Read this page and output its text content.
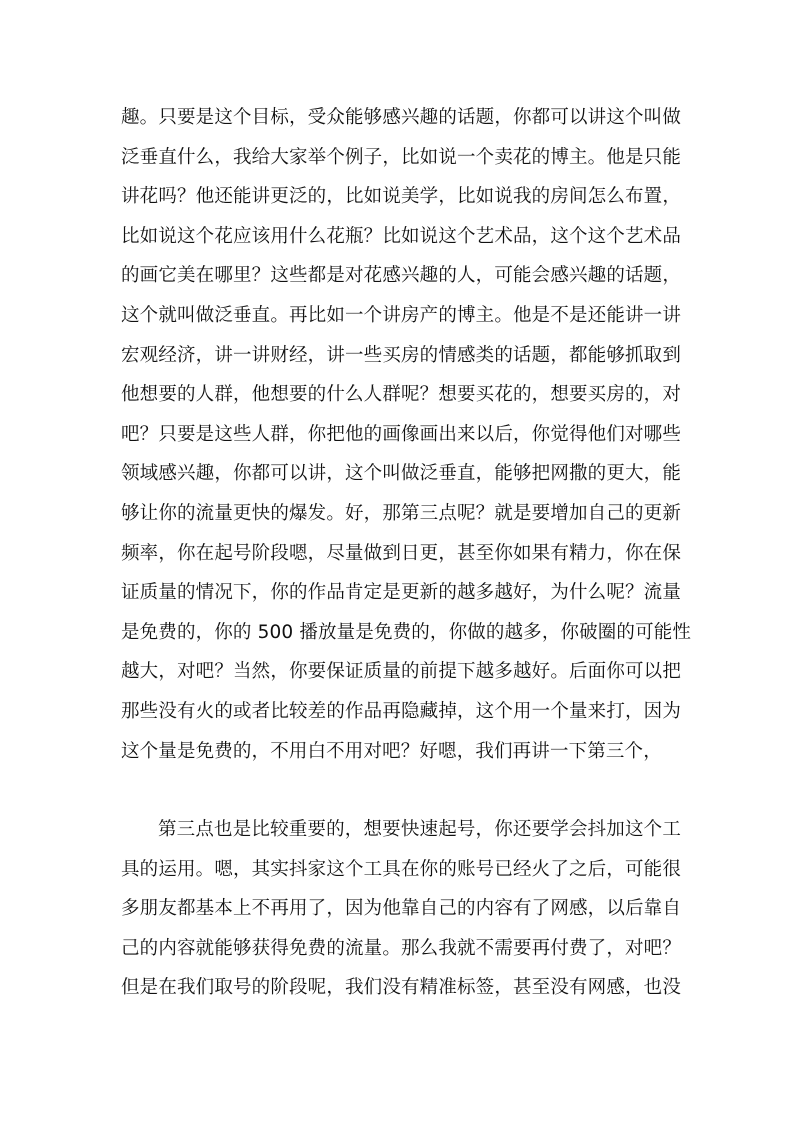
趣。只要是这个目标，受众能够感兴趣的话题，你都可以讲这个叫做
泛垂直什么，我给大家举个例子，比如说一个卖花的博主。他是只能
讲花吗？他还能讲更泛的，比如说美学，比如说我的房间怎么布置，
比如说这个花应该用什么花瓶？比如说这个艺术品，这个这个艺术品
的画它美在哪里？这些都是对花感兴趣的人，可能会感兴趣的话题，
这个就叫做泛垂直。再比如一个讲房产的博主。他是不是还能讲一讲
宏观经济，讲一讲财经，讲一些买房的情感类的话题，都能够抓取到
他想要的人群，他想要的什么人群呢？想要买花的，想要买房的，对
吧？只要是这些人群，你把他的画像画出来以后，你觉得他们对哪些
领域感兴趣，你都可以讲，这个叫做泛垂直，能够把网撒的更大，能
够让你的流量更快的爆发。好，那第三点呢？就是要增加自己的更新
频率，你在起号阶段嗯，尽量做到日更，甚至你如果有精力，你在保
证质量的情况下，你的作品肯定是更新的越多越好，为什么呢？流量
是免费的，你的 500 播放量是免费的，你做的越多，你破圈的可能性
越大，对吧？当然，你要保证质量的前提下越多越好。后面你可以把
那些没有火的或者比较差的作品再隐藏掉，这个用一个量来打，因为
这个量是免费的，不用白不用对吧？好嗯，我们再讲一下第三个，
第三点也是比较重要的，想要快速起号，你还要学会抖加这个工
具的运用。嗯，其实抖家这个工具在你的账号已经火了之后，可能很
多朋友都基本上不再用了，因为他靠自己的内容有了网感，以后靠自
己的内容就能够获得免费的流量。那么我就不需要再付费了，对吧？
但是在我们取号的阶段呢，我们没有精准标签，甚至没有网感，也没
